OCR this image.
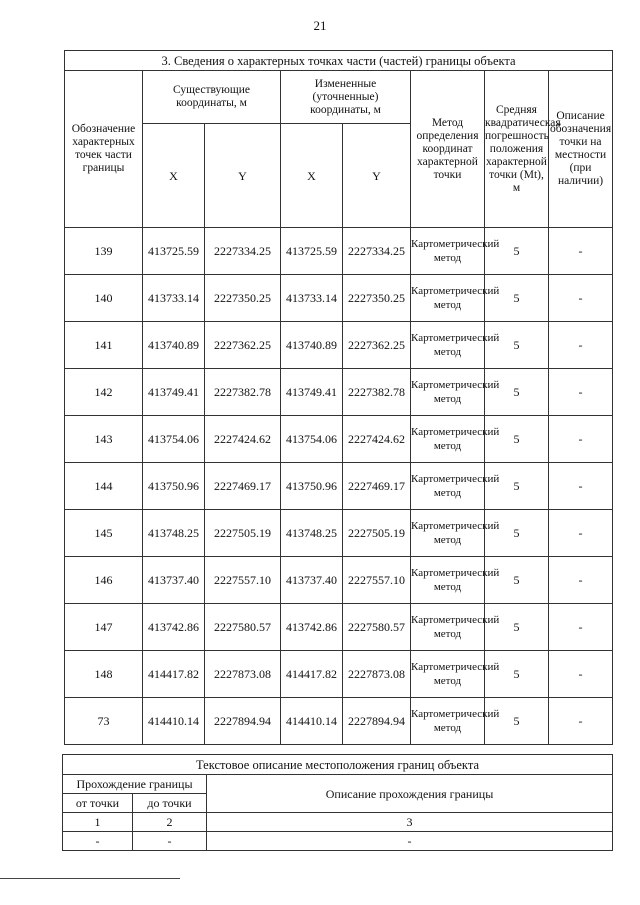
21
3. Сведения о характерных точках части (частей) границы объекта							
Обозначение характерных точек части границы	Существующие координаты, м		Измененные (уточненные) координаты, м		Метод определения координат характерной точки	Средняя квадратическая погрешность положения характерной точки (Mt), м	Описание обозначения точки на местности (при наличии)
	X	Y	X	Y			
139	413725.59	2227334.25	413725.59	2227334.25	Картометрический метод	5	-
140	413733.14	2227350.25	413733.14	2227350.25	Картометрический метод	5	-
141	413740.89	2227362.25	413740.89	2227362.25	Картометрический метод	5	-
142	413749.41	2227382.78	413749.41	2227382.78	Картометрический метод	5	-
143	413754.06	2227424.62	413754.06	2227424.62	Картометрический метод	5	-
144	413750.96	2227469.17	413750.96	2227469.17	Картометрический метод	5	-
145	413748.25	2227505.19	413748.25	2227505.19	Картометрический метод	5	-
146	413737.40	2227557.10	413737.40	2227557.10	Картометрический метод	5	-
147	413742.86	2227580.57	413742.86	2227580.57	Картометрический метод	5	-
148	414417.82	2227873.08	414417.82	2227873.08	Картометрический метод	5	-
73	414410.14	2227894.94	414410.14	2227894.94	Картометрический метод	5	-
Текстовое описание местоположения границ объекта		
Прохождение границы		Описание прохождения границы
от точки	до точки	
1	2	3
-	-	-
